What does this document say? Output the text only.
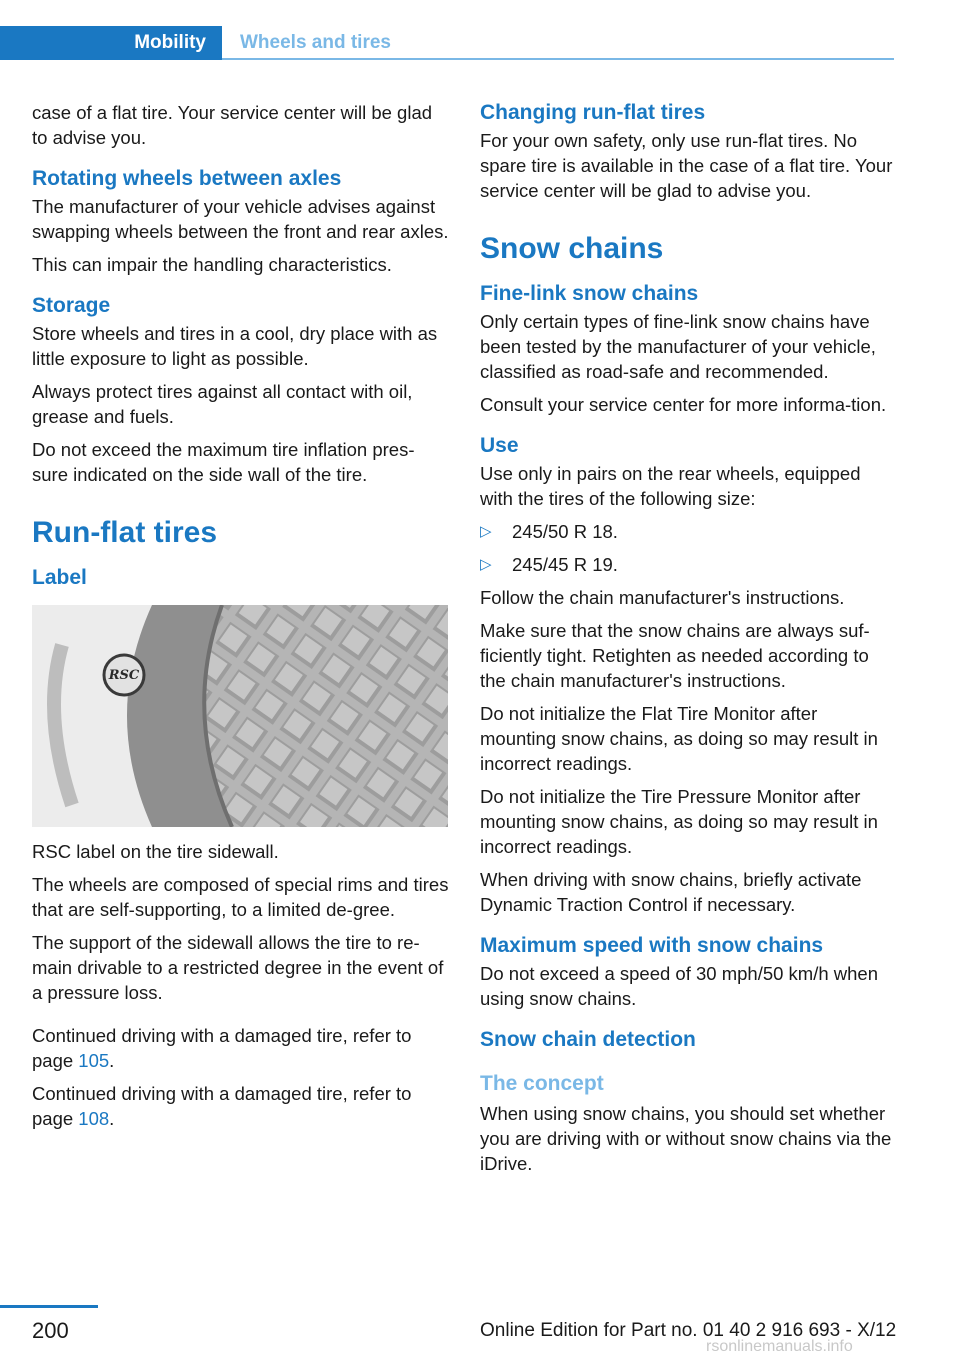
Mobility	Wheels and tires

case of a flat tire. Your service center will be glad to advise you.

Rotating wheels between axles

The manufacturer of your vehicle advises against swapping wheels between the front and rear axles.

This can impair the handling characteristics.

Storage

Store wheels and tires in a cool, dry place with as little exposure to light as possible.

Always protect tires against all contact with oil, grease and fuels.

Do not exceed the maximum tire inflation pres-sure indicated on the side wall of the tire.

Run-flat tires
Label
RSC

RSC label on the tire sidewall.

The wheels are composed of special rims and tires that are self-supporting, to a limited de-gree.

The support of the sidewall allows the tire to re-main drivable to a restricted degree in the event of a pressure loss.

Continued driving with a damaged tire, refer to page 105.

Continued driving with a damaged tire, refer to page 108.

Changing run-flat tires

For your own safety, only use run-flat tires. No spare tire is available in the case of a flat tire. Your service center will be glad to advise you.

Snow chains
Fine-link snow chains

Only certain types of fine-link snow chains have been tested by the manufacturer of your vehicle, classified as road-safe and recommended.

Consult your service center for more informa-tion.

Use

Use only in pairs on the rear wheels, equipped with the tires of the following size:

▷	245/50 R 18.
▷	245/45 R 19.

Follow the chain manufacturer's instructions.

Make sure that the snow chains are always suf-ficiently tight. Retighten as needed according to the chain manufacturer's instructions.

Do not initialize the Flat Tire Monitor after mounting snow chains, as doing so may result in incorrect readings.

Do not initialize the Tire Pressure Monitor after mounting snow chains, as doing so may result in incorrect readings.

When driving with snow chains, briefly activate Dynamic Traction Control if necessary.

Maximum speed with snow chains

Do not exceed a speed of 30 mph/50 km/h when using snow chains.

Snow chain detection
The concept

When using snow chains, you should set whether you are driving with or without snow chains via the iDrive.

200	Online Edition for Part no. 01 40 2 916 693 - X/12
rsonlinemanuals.info
